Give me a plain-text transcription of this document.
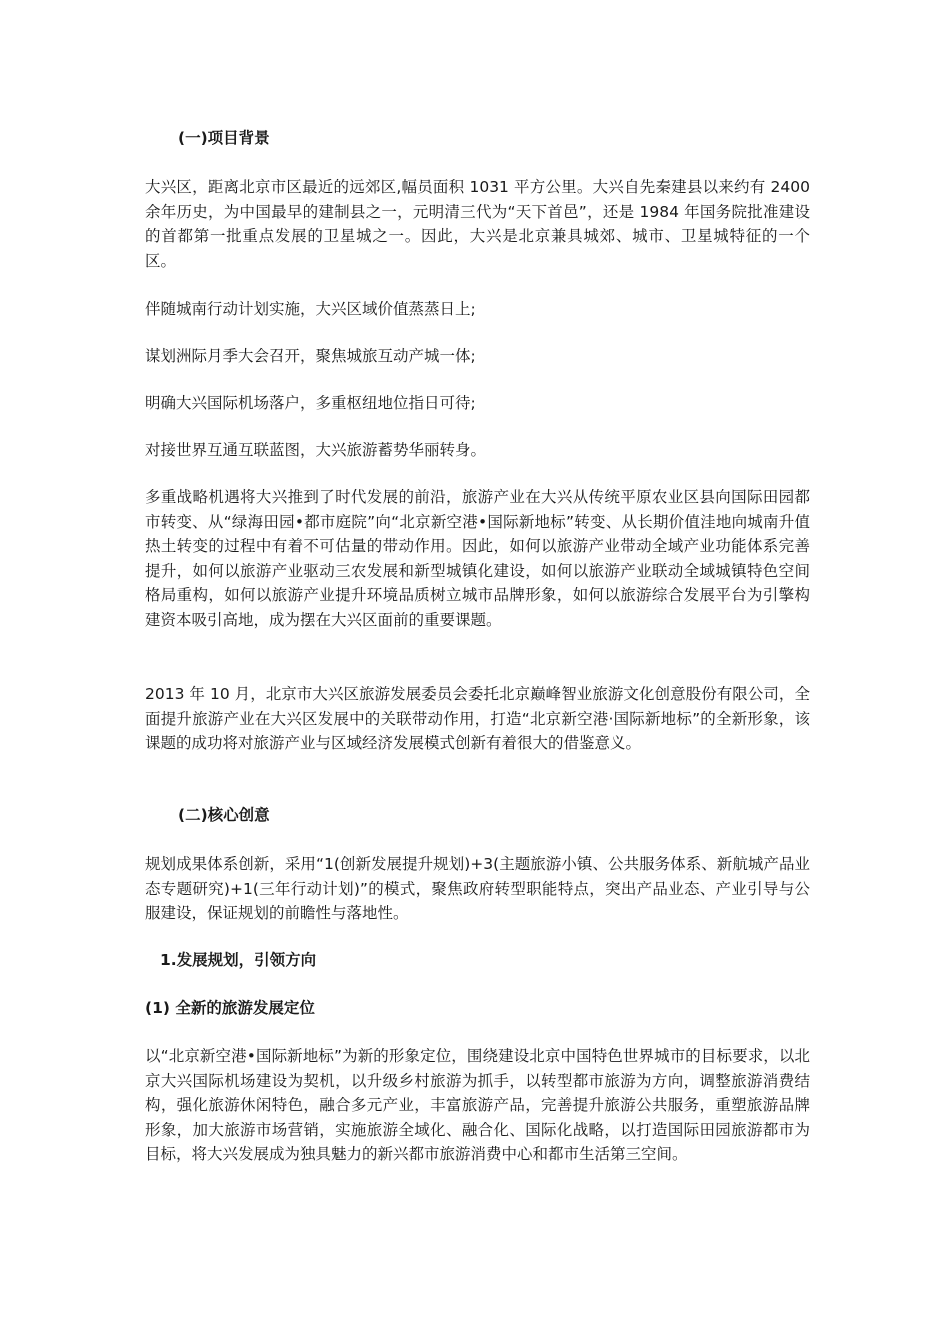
(一)项目背景

大兴区，距离北京市区最近的远郊区,幅员面积 1031 平方公里。大兴自先秦建县以来约有 2400 余年历史，为中国最早的建制县之一，元明清三代为“天下首邑”，还是 1984 年国务院批准建设的首都第一批重点发展的卫星城之一。因此，大兴是北京兼具城郊、城市、卫星城特征的一个区。

伴随城南行动计划实施，大兴区域价值蒸蒸日上;

谋划洲际月季大会召开，聚焦城旅互动产城一体;

明确大兴国际机场落户，多重枢纽地位指日可待;

对接世界互通互联蓝图，大兴旅游蓄势华丽转身。

多重战略机遇将大兴推到了时代发展的前沿，旅游产业在大兴从传统平原农业区县向国际田园都市转变、从“绿海田园•都市庭院”向“北京新空港•国际新地标”转变、从长期价值洼地向城南升值热土转变的过程中有着不可估量的带动作用。因此，如何以旅游产业带动全域产业功能体系完善提升，如何以旅游产业驱动三农发展和新型城镇化建设，如何以旅游产业联动全域城镇特色空间格局重构，如何以旅游产业提升环境品质树立城市品牌形象，如何以旅游综合发展平台为引擎构建资本吸引高地，成为摆在大兴区面前的重要课题。

2013 年 10 月，北京市大兴区旅游发展委员会委托北京巅峰智业旅游文化创意股份有限公司，全面提升旅游产业在大兴区发展中的关联带动作用，打造“北京新空港·国际新地标”的全新形象，该课题的成功将对旅游产业与区域经济发展模式创新有着很大的借鉴意义。

(二)核心创意

规划成果体系创新，采用“1(创新发展提升规划)+3(主题旅游小镇、公共服务体系、新航城产品业态专题研究)+1(三年行动计划)”的模式，聚焦政府转型职能特点，突出产品业态、产业引导与公服建设，保证规划的前瞻性与落地性。

1.发展规划，引领方向
(1) 全新的旅游发展定位

以“北京新空港•国际新地标”为新的形象定位，围绕建设北京中国特色世界城市的目标要求，以北京大兴国际机场建设为契机，以升级乡村旅游为抓手，以转型都市旅游为方向，调整旅游消费结构，强化旅游休闲特色，融合多元产业，丰富旅游产品，完善提升旅游公共服务，重塑旅游品牌形象，加大旅游市场营销，实施旅游全域化、融合化、国际化战略，以打造国际田园旅游都市为目标，将大兴发展成为独具魅力的新兴都市旅游消费中心和都市生活第三空间。
